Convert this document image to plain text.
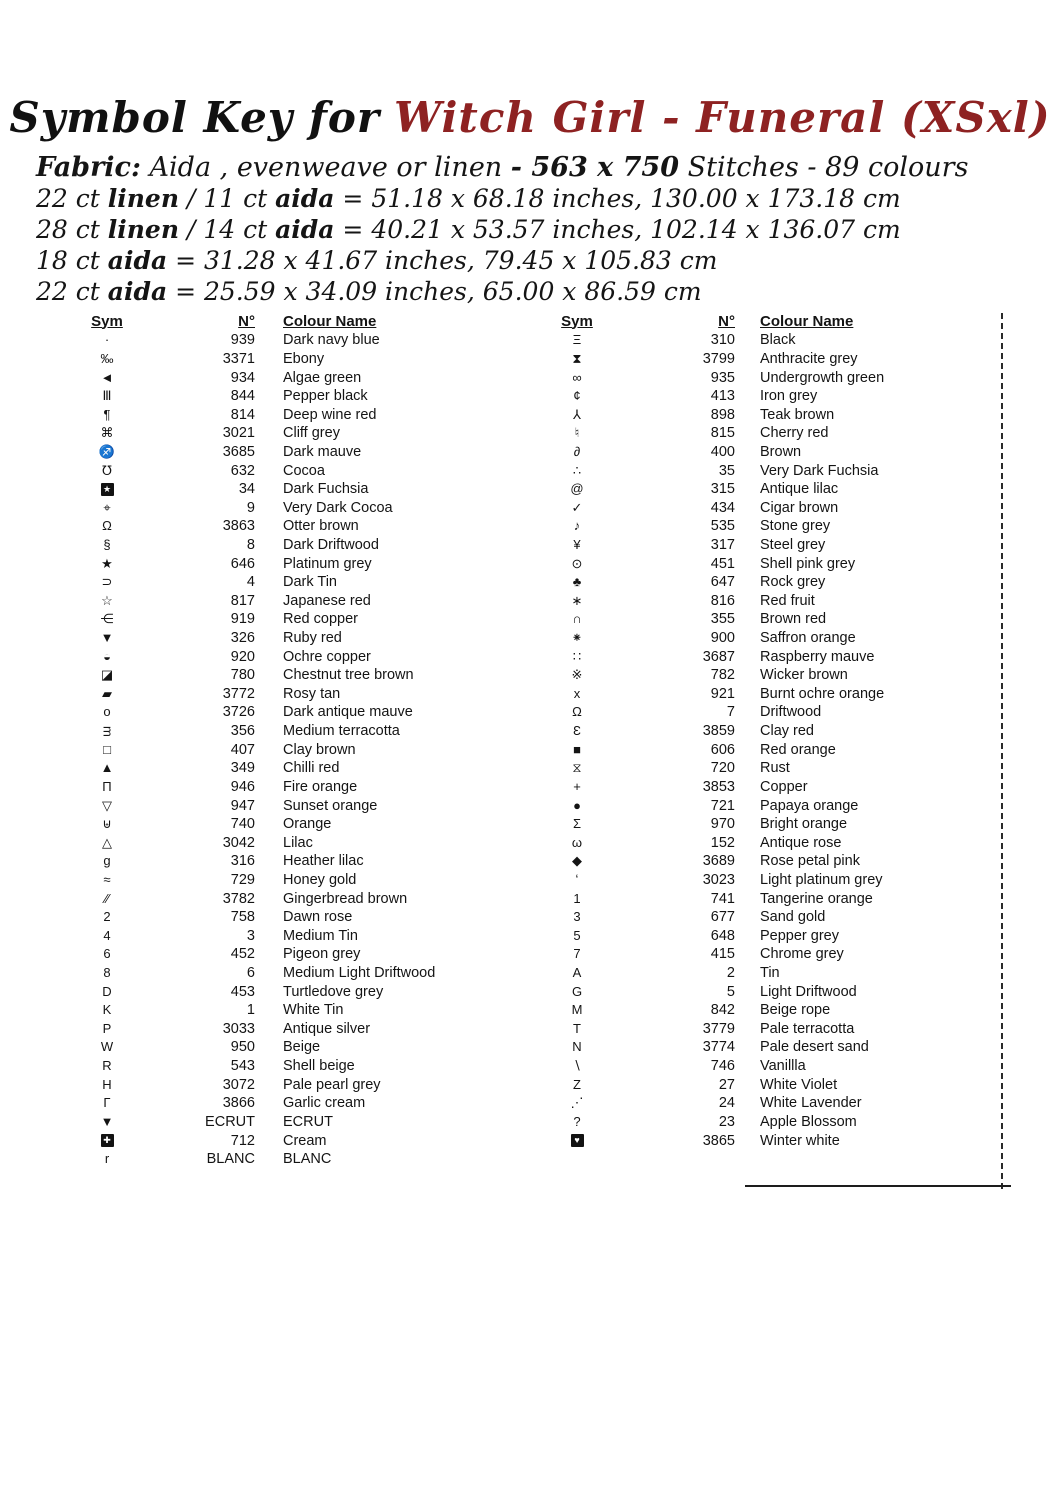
Symbol Key for Witch Girl - Funeral (XSxl)
Fabric: Aida , evenweave or linen - 563 x 750 Stitches - 89 colours
22 ct linen / 11 ct aida = 51.18 x 68.18 inches, 130.00 x 173.18 cm
28 ct linen / 14 ct aida = 40.21 x 53.57 inches, 102.14 x 136.07 cm
18 ct aida = 31.28 x 41.67 inches, 79.45 x 105.83 cm
22 ct aida = 25.59 x 34.09 inches, 65.00 x 86.59 cm
Sym	N°	Colour Name
·	939	Dark navy blue
‰	3371	Ebony
◄	934	Algae green
Ⅲ	844	Pepper black
¶	814	Deep wine red
⌘	3021	Cliff grey
♐	3685	Dark mauve
℧	632	Cocoa
★	34	Dark Fuchsia
⌖	9	Very Dark Cocoa
Ω	3863	Otter brown
§	8	Dark Driftwood
★	646	Platinum grey
⊃	4	Dark Tin
☆	817	Japanese red
⋲	919	Red copper
▼	326	Ruby red
◒	920	Ochre copper
◪	780	Chestnut tree brown
▰	3772	Rosy tan
o	3726	Dark antique mauve
ᴟ	356	Medium terracotta
□	407	Clay brown
▲	349	Chilli red
Π	946	Fire orange
▽	947	Sunset orange
⊎	740	Orange
△	3042	Lilac
g	316	Heather lilac
≈	729	Honey gold
∕∕	3782	Gingerbread brown
2	758	Dawn rose
4	3	Medium Tin
6	452	Pigeon grey
8	6	Medium Light Driftwood
D	453	Turtledove grey
K	1	White Tin
P	3033	Antique silver
W	950	Beige
R	543	Shell beige
H	3072	Pale pearl grey
Γ	3866	Garlic cream
▼	ECRUT	ECRUT
✚	712	Cream
r	BLANC	BLANC
Sym	N°	Colour Name
Ξ	310	Black
⧗	3799	Anthracite grey
∞	935	Undergrowth green
¢	413	Iron grey
⅄	898	Teak brown
♮	815	Cherry red
∂	400	Brown
∴	35	Very Dark Fuchsia
@	315	Antique lilac
✓	434	Cigar brown
♪	535	Stone grey
¥	317	Steel grey
⊙	451	Shell pink grey
♣	647	Rock grey
∗	816	Red fruit
∩	355	Brown red
⁕	900	Saffron orange
∷	3687	Raspberry mauve
※	782	Wicker brown
x	921	Burnt ochre orange
Ω	7	Driftwood
Ɛ	3859	Clay red
■	606	Red orange
⧖	720	Rust
+	3853	Copper
●	721	Papaya orange
Σ	970	Bright orange
ω	152	Antique rose
◆	3689	Rose petal pink
ʻ	3023	Light platinum grey
1	741	Tangerine orange
3	677	Sand gold
5	648	Pepper grey
7	415	Chrome grey
A	2	Tin
G	5	Light Driftwood
M	842	Beige rope
T	3779	Pale terracotta
N	3774	Pale desert sand
∖	746	Vanillla
Z	27	White Violet
⋰	24	White Lavender
?	23	Apple Blossom
♥	3865	Winter white
